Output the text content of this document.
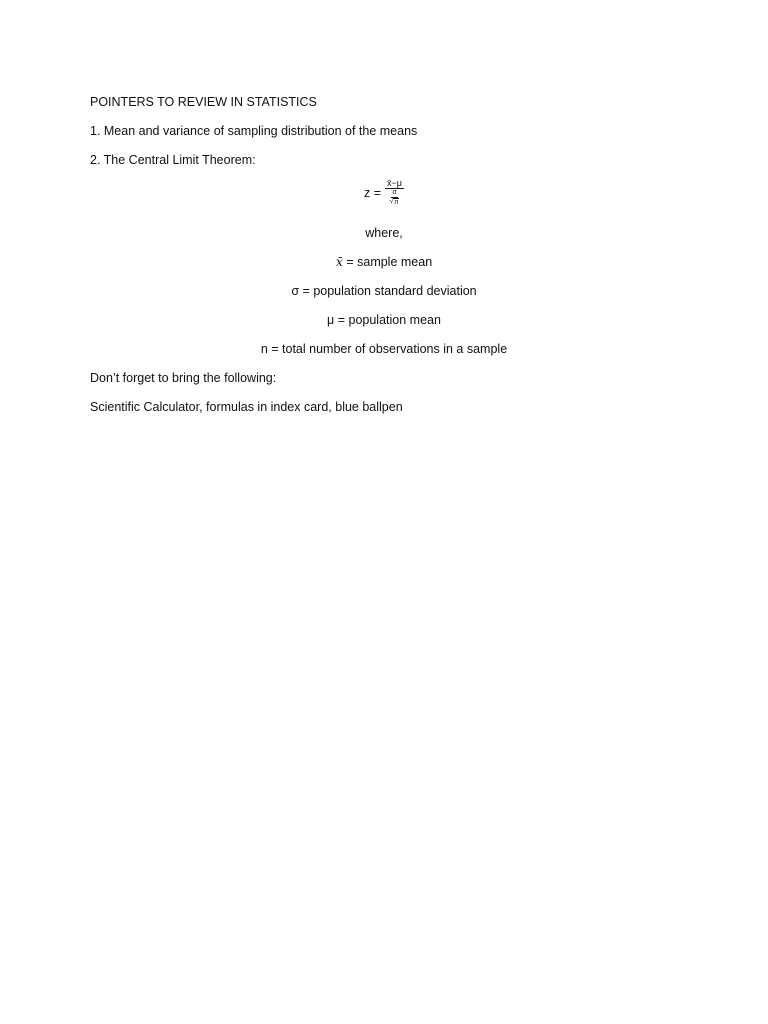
POINTERS TO REVIEW IN STATISTICS
1. Mean and variance of sampling distribution of the means
2. The Central Limit Theorem:
$z = \frac{x̄-\mu}{\frac{\sigma}{√ n}}$
where,
x̄ = sample mean
σ = population standard deviation
μ = population mean
n = total number of observations in a sample
Don’t forget to bring the following:
Scientific Calculator, formulas in index card, blue ballpen
